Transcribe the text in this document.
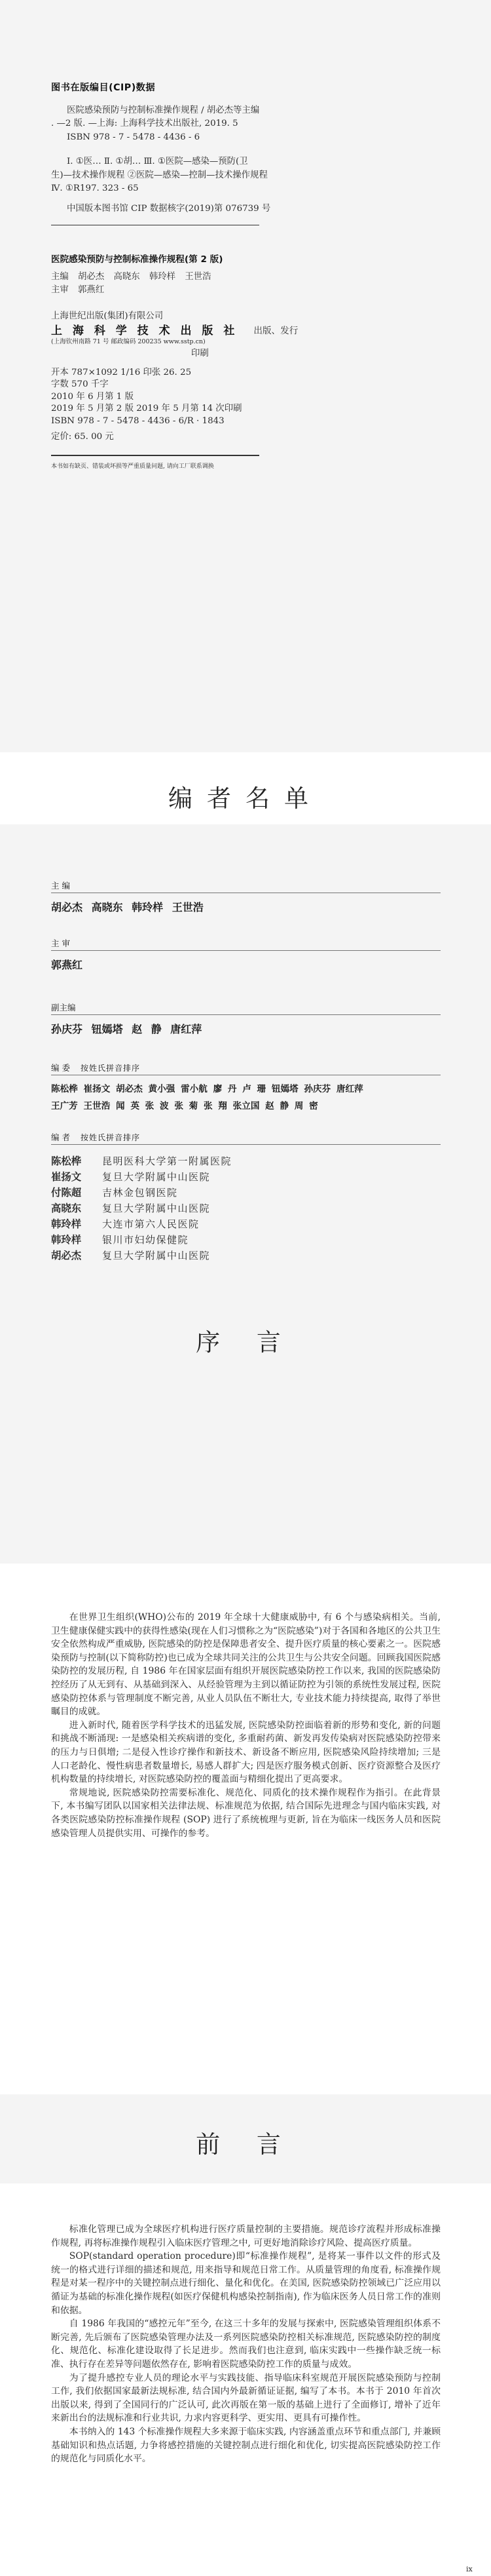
图书在版编目(CIP)数据
医院感染预防与控制标准操作规程 / 胡必杰等主编
. —2 版. —上海: 上海科学技术出版社, 2019. 5
ISBN 978 - 7 - 5478 - 4436 - 6
Ⅰ. ①医… Ⅱ. ①胡… Ⅲ. ①医院—感染—预防(卫
生)—技术操作规程 ②医院—感染—控制—技术操作规程
Ⅳ. ①R197. 323 - 65
中国版本图书馆 CIP 数据核字(2019)第 076739 号
医院感染预防与控制标准操作规程(第 2 版)
主编 胡必杰 高晓东 韩玲样 王世浩
主审 郭燕红
上海世纪出版(集团)有限公司
上 海 科 学 技 术 出 版 社
(上海钦州南路 71 号 邮政编码 200235 www.sstp.cn)
出版、发行
印刷
开本 787×1092 1/16 印张 26. 25
字数 570 千字
2010 年 6 月第 1 版
2019 年 5 月第 2 版 2019 年 5 月第 14 次印刷
ISBN 978 - 7 - 5478 - 4436 - 6/R · 1843
定价: 65. 00 元
本书如有缺页、错装或坏损等严重质量问题, 请向工厂联系调换
编者名单
主 编
胡必杰 高晓东 韩玲样 王世浩
主 审
郭燕红
副主编
孙庆芬 钮嫣塔 赵 静 唐红萍
编 委 按姓氏拼音排序
陈松桦 崔扬文 胡必杰 黄小强 雷小航 廖 丹 卢 珊 钮嫣塔 孙庆芬 唐红萍
王广芳 王世浩 闻 英 张 波 张 菊 张 翔 张立国 赵 静 周 密
编 者 按姓氏拼音排序
陈松桦 昆明医科大学第一附属医院
崔扬文 复旦大学附属中山医院
付陈超 吉林金包钢医院
高晓东 复旦大学附属中山医院
韩玲样 大连市第六人民医院
韩玲样 银川市妇幼保健院
胡必杰 复旦大学附属中山医院
序 言

在世界卫生组织(WHO)公布的 2019 年全球十大健康威胁中, 有 6 个与感染病相关。当前, 卫生健康保健实践中的获得性感染(现在人们习惯称之为“医院感染”)对于各国和各地区的公共卫生安全依然构成严重威胁, 医院感染的防控是保障患者安全、提升医疗质量的核心要素之一。医院感染预防与控制(以下简称防控)也已成为全球共同关注的公共卫生与公共安全问题。回顾我国医院感染防控的发展历程, 自 1986 年在国家层面有组织开展医院感染防控工作以来, 我国的医院感染防控经历了从无到有、从基础到深入、从经验管理为主到以循证防控为引领的系统性发展过程, 医院感染防控体系与管理制度不断完善, 从业人员队伍不断壮大, 专业技术能力持续提高, 取得了举世瞩目的成就。

进入新时代, 随着医学科学技术的迅猛发展, 医院感染防控面临着新的形势和变化, 新的问题和挑战不断涌现: 一是感染相关疾病谱的变化, 多重耐药菌、新发再发传染病对医院感染防控带来的压力与日俱增; 二是侵入性诊疗操作和新技术、新设备不断应用, 医院感染风险持续增加; 三是人口老龄化、慢性病患者数量增长, 易感人群扩大; 四是医疗服务模式创新、医疗资源整合及医疗机构数量的持续增长, 对医院感染防控的覆盖面与精细化提出了更高要求。

常规地说, 医院感染防控需要标准化、规范化、同质化的技术操作规程作为指引。在此背景下, 本书编写团队以国家相关法律法规、标准规范为依据, 结合国际先进理念与国内临床实践, 对各类医院感染防控标准操作规程 (SOP) 进行了系统梳理与更新, 旨在为临床一线医务人员和医院感染管理人员提供实用、可操作的参考。

前 言

标准化管理已成为全球医疗机构进行医疗质量控制的主要措施。规范诊疗流程并形成标准操作规程, 再将标准操作规程引入临床医疗管理之中, 可更好地消除诊疗风险、提高医疗质量。

SOP(standard operation procedure)即“标准操作规程”, 是将某一事件以文件的形式及统一的格式进行详细的描述和规范, 用来指导和规范日常工作。从质量管理的角度看, 标准操作规程是对某一程序中的关键控制点进行细化、量化和优化。在美国, 医院感染防控领域已广泛应用以循证为基础的标准化操作规程(如医疗保健机构感染控制指南), 作为临床医务人员日常工作的准则和依据。

自 1986 年我国的“感控元年”至今, 在这三十多年的发展与探索中, 医院感染管理组织体系不断完善, 先后颁布了医院感染管理办法及一系列医院感染防控相关标准规范, 医院感染防控的制度化、规范化、标准化建设取得了长足进步。然而我们也注意到, 临床实践中一些操作缺乏统一标准、执行存在差异等问题依然存在, 影响着医院感染防控工作的质量与成效。

为了提升感控专业人员的理论水平与实践技能、指导临床科室规范开展医院感染预防与控制工作, 我们依据国家最新法规标准, 结合国内外最新循证证据, 编写了本书。本书于 2010 年首次出版以来, 得到了全国同行的广泛认可, 此次再版在第一版的基础上进行了全面修订, 增补了近年来新出台的法规标准和行业共识, 力求内容更科学、更实用、更具有可操作性。

本书纳入的 143 个标准操作规程大多来源于临床实践, 内容涵盖重点环节和重点部门, 并兼顾基础知识和热点话题, 力争将感控措施的关键控制点进行细化和优化, 切实提高医院感染防控工作的规范化与同质化水平。

ix
